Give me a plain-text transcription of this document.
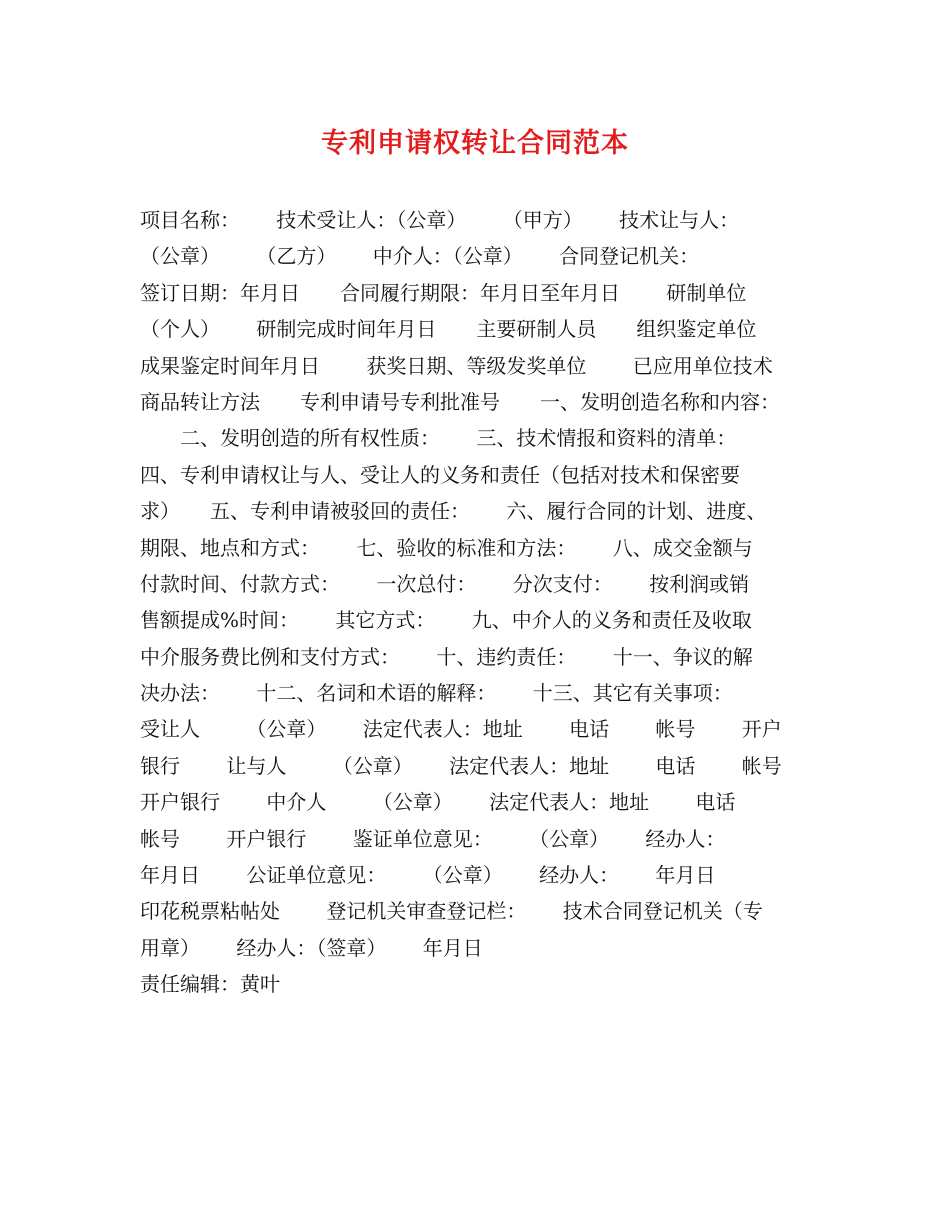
专利申请权转让合同范本
项目名称：　　 技术受让人：（公章）　　 （甲方）　　 技术让与人：
（公章）　　 （乙方）　　 中介人：（公章）　　 合同登记机关：
签订日期：年月日　　合同履行期限：年月日至年月日　　 研制单位
（个人）　　 研制完成时间年月日　　主要研制人员　　组织鉴定单位
成果鉴定时间年月日　　 获奖日期、等级发奖单位　　 已应用单位技术
商品转让方法　　专利申请号专利批准号　　一、发明创造名称和内容：
　　二、发明创造的所有权性质：　　 三、技术情报和资料的清单：
四、专利申请权让与人、受让人的义务和责任（包括对技术和保密要
求）　　五、专利申请被驳回的责任：　　 六、履行合同的计划、进度、
期限、地点和方式：　　 七、验收的标准和方法：　　 八、成交金额与
付款时间、付款方式：　　 一次总付：　　 分次支付：　　 按利润或销
售额提成%时间：　　 其它方式：　　 九、中介人的义务和责任及收取
中介服务费比例和支付方式：　　 十、违约责任：　　 十一、争议的解
决办法：　　 十二、名词和术语的解释：　　 十三、其它有关事项：
受让人　　 （公章）　　 法定代表人：地址　　 电话　　 帐号　　 开户
银行　　 让与人　　 （公章）　　 法定代表人：地址　　 电话　　 帐号
开户银行　　 中介人　　 （公章）　　 法定代表人：地址　　 电话
帐号　　 开户银行　　 鉴证单位意见：　　 （公章）　　 经办人：
年月日　　 公证单位意见：　　 （公章）　　 经办人：　　 年月日
印花税票粘帖处　　 登记机关审查登记栏：　　 技术合同登记机关（专
用章）　　 经办人：（签章）　　 年月日
责任编辑：黄叶
